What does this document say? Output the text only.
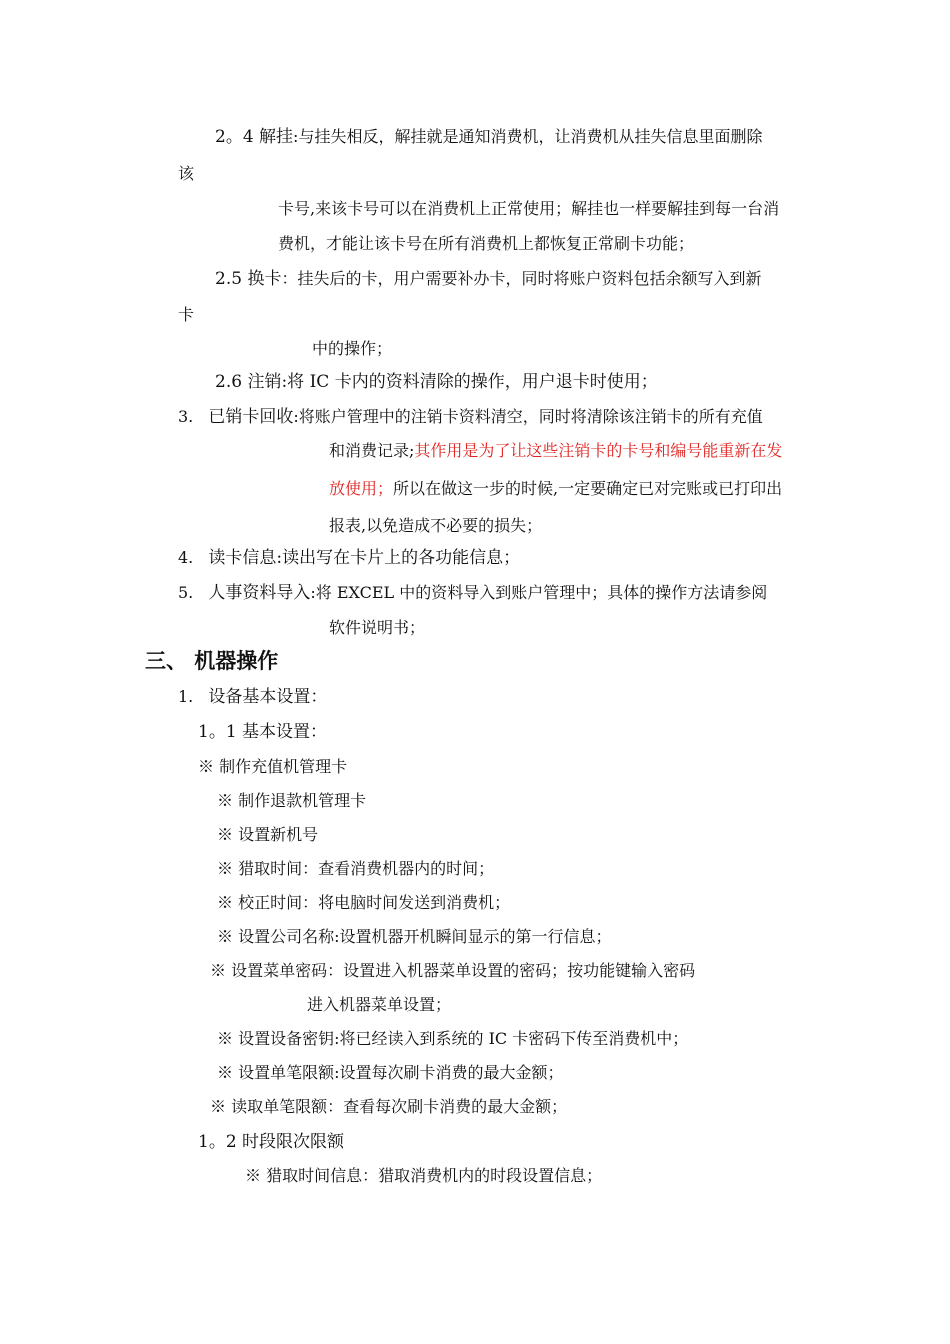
2。4 解挂:与挂失相反，解挂就是通知消费机，让消费机从挂失信息里面删除
该
卡号,来该卡号可以在消费机上正常使用；解挂也一样要解挂到每一台消
费机，才能让该卡号在所有消费机上都恢复正常刷卡功能；
2.5 换卡：挂失后的卡，用户需要补办卡，同时将账户资料包括余额写入到新
卡
中的操作；
2.6 注销:将 IC 卡内的资料清除的操作，用户退卡时使用；
3. 已销卡回收:将账户管理中的注销卡资料清空，同时将清除该注销卡的所有充值
和消费记录;其作用是为了让这些注销卡的卡号和编号能重新在发
放使用；所以在做这一步的时候,一定要确定已对完账或已打印出
报表,以免造成不必要的损失；
4. 读卡信息:读出写在卡片上的各功能信息；
5. 人事资料导入:将 EXCEL 中的资料导入到账户管理中；具体的操作方法请参阅
软件说明书；
三、 机器操作
1. 设备基本设置：
1。1 基本设置：
※ 制作充值机管理卡
※ 制作退款机管理卡
※ 设置新机号
※ 猎取时间：查看消费机器内的时间；
※ 校正时间：将电脑时间发送到消费机；
※ 设置公司名称:设置机器开机瞬间显示的第一行信息；
※ 设置菜单密码：设置进入机器菜单设置的密码；按功能键输入密码
进入机器菜单设置；
※ 设置设备密钥:将已经读入到系统的 IC 卡密码下传至消费机中；
※ 设置单笔限额:设置每次刷卡消费的最大金额；
※ 读取单笔限额：查看每次刷卡消费的最大金额；
1。2 时段限次限额
※ 猎取时间信息：猎取消费机内的时段设置信息；
